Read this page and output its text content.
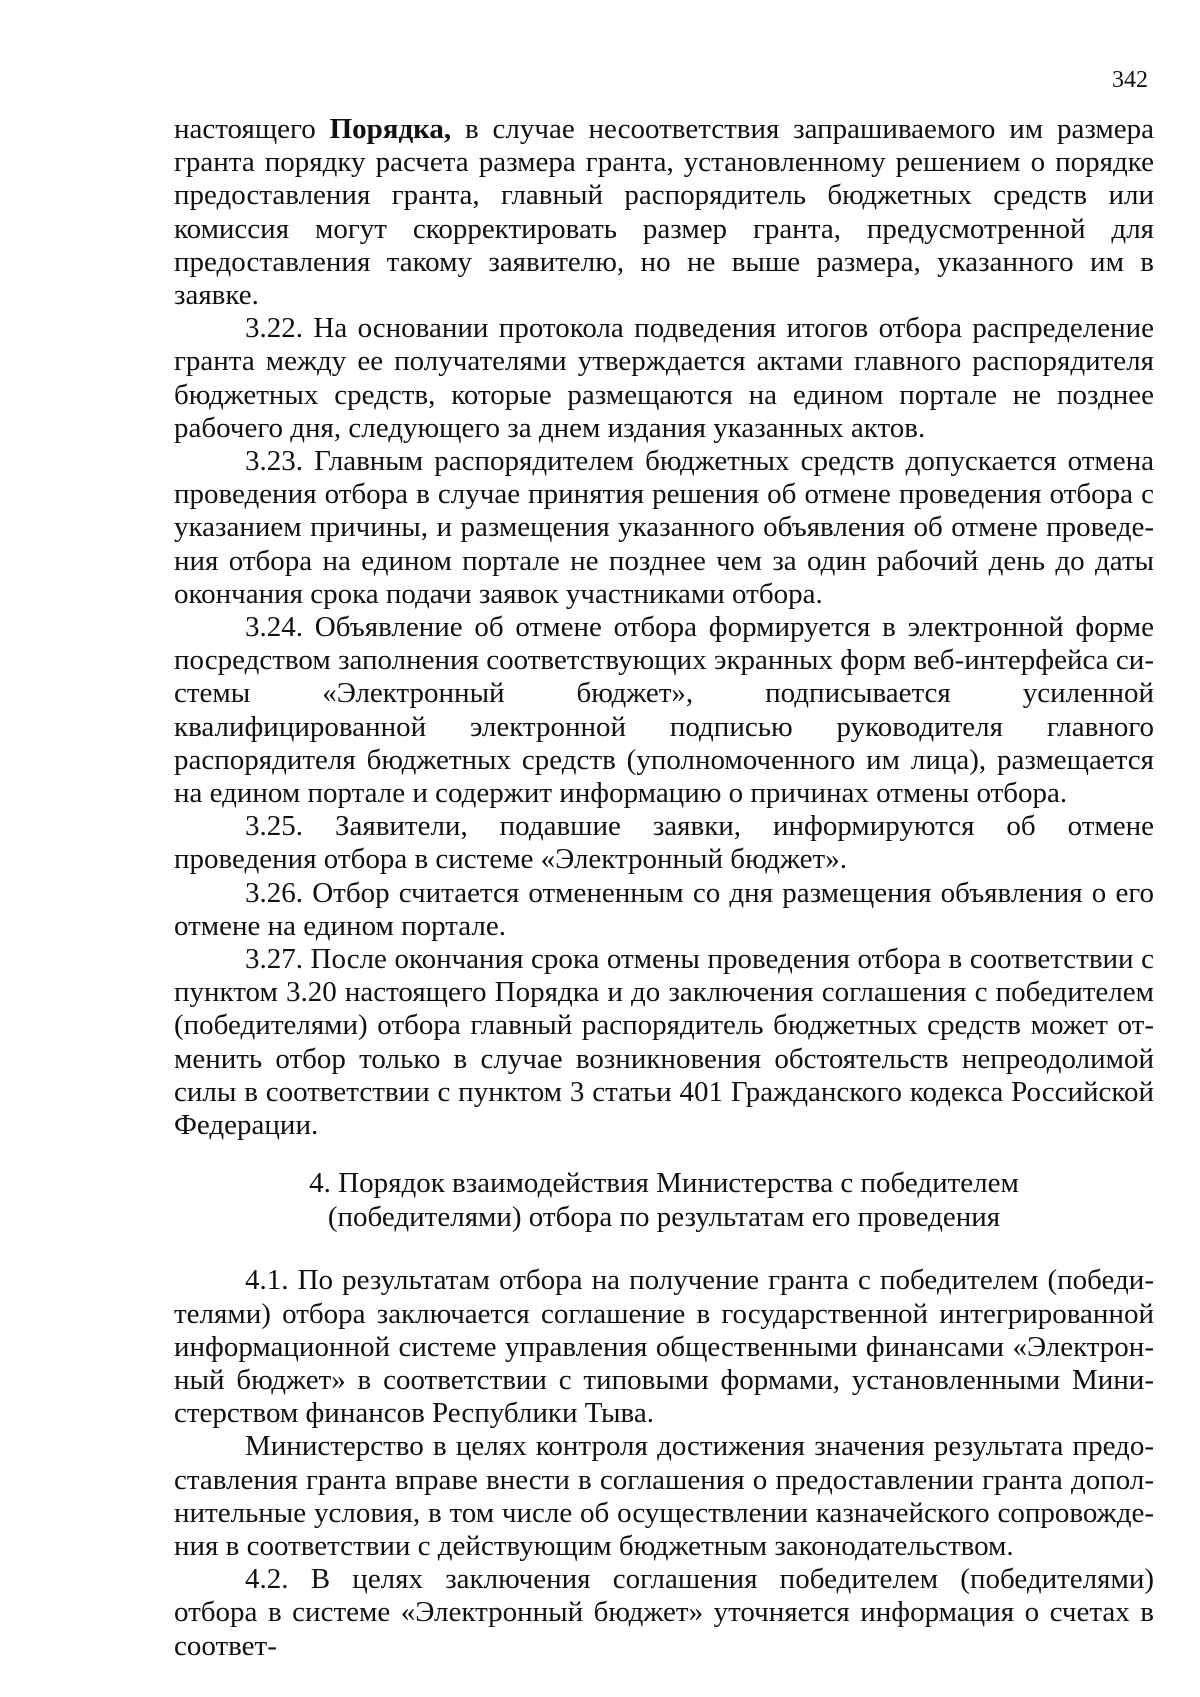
342

настоящего Порядка, в случае несоответствия запрашиваемого им размера гранта порядку расчета размера гранта, установленному решением о порядке предоставления гранта, главный распорядитель бюджетных средств или комиссия могут скорректировать размер гранта, предусмотренной для предоставления такому заявителю, но не выше размера, указанного им в заявке.

3.22. На основании протокола подведения итогов отбора распределение гранта между ее получателями утверждается актами главного распорядителя бюджетных средств, которые размещаются на едином портале не позднее рабочего дня, следующего за днем издания указанных актов.

3.23. Главным распорядителем бюджетных средств допускается отмена проведения отбора в случае принятия решения об отмене проведения отбора с указанием причины, и размещения указанного объявления об отмене проведения отбора на едином портале не позднее чем за один рабочий день до даты окончания срока подачи заявок участниками отбора.

3.24. Объявление об отмене отбора формируется в электронной форме посредством заполнения соответствующих экранных форм веб-интерфейса системы «Электронный бюджет», подписывается усиленной квалифицированной электронной подписью руководителя главного распорядителя бюджетных средств (уполномоченного им лица), размещается на едином портале и содержит информацию о причинах отмены отбора.

3.25. Заявители, подавшие заявки, информируются об отмене проведения отбора в системе «Электронный бюджет».

3.26. Отбор считается отмененным со дня размещения объявления о его отмене на едином портале.

3.27. После окончания срока отмены проведения отбора в соответствии с пунктом 3.20 настоящего Порядка и до заключения соглашения с победителем (победителями) отбора главный распорядитель бюджетных средств может отменить отбор только в случае возникновения обстоятельств непреодолимой силы в соответствии с пунктом 3 статьи 401 Гражданского кодекса Российской Федерации.

4. Порядок взаимодействия Министерства с победителем
(победителями) отбора по результатам его проведения

4.1. По результатам отбора на получение гранта с победителем (победителями) отбора заключается соглашение в государственной интегрированной информационной системе управления общественными финансами «Электронный бюджет» в соответствии с типовыми формами, установленными Министерством финансов Республики Тыва.

Министерство в целях контроля достижения значения результата предоставления гранта вправе внести в соглашения о предоставлении гранта дополнительные условия, в том числе об осуществлении казначейского сопровождения в соответствии с действующим бюджетным законодательством.

4.2. В целях заключения соглашения победителем (победителями) отбора в системе «Электронный бюджет» уточняется информация о счетах в соответ-
